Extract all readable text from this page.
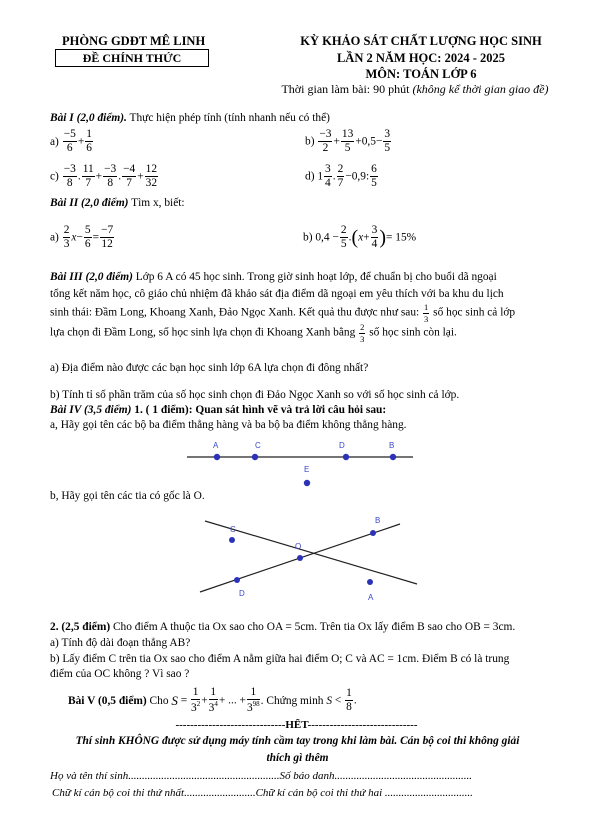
PHÒNG GDĐT MÊ LINH
ĐỀ CHÍNH THỨC
KỲ KHẢO SÁT CHẤT LƯỢNG HỌC SINH
LẦN 2 NĂM HỌC: 2024 - 2025
MÔN: TOÁN LỚP 6
Thời gian làm bài: 90 phút (không kể thời gian giao đề)
Bài I (2,0 điểm). Thực hiện phép tính (tính nhanh nếu có thể)
$a) \frac{-5}{6} + \frac{1}{6}$	$b) \frac{-3}{2} + \frac{13}{5} +0,5- \frac{3}{5}$
$c) \frac{-3}{8}$ . $\frac{11}{7} + \frac{-3}{8}$ . $\frac{-4}{7} + \frac{12}{32}$	d) $1 \frac{3}{4}$ . $\frac{2}{7} -0,9$: $\frac{6}{5}$
Bài II (2,0 điểm) Tìm x, biết:
$a) \frac{2}{3} x- \frac{5}{6} = \frac{-7}{12}$	b) $0,4 - \frac{2}{5} .(x+ \frac{3}{4}$ )= 15%
Bài III (2,0 điểm) Lớp 6 A có 45 học sinh. Trong giờ sinh hoạt lớp, để chuẩn bị cho buổi dã ngoại
tổng kết năm học, cô giáo chủ nhiệm đã khảo sát địa điểm dã ngoại em yêu thích với ba khu du lịch
sinh thái: Đầm Long, Khoang Xanh, Đảo Ngọc Xanh. Kết quả thu được như sau: $\frac{1}{3}$ số học sinh cả lớp
lựa chọn đi Đầm Long, số học sinh lựa chọn đi Khoang Xanh bằng $\frac{2}{3}$ số học sinh còn lại.
a) Địa điểm nào được các bạn học sinh lớp 6A lựa chọn đi đông nhất?
b) Tính tỉ số phần trăm của số học sinh chọn đi Đảo Ngọc Xanh so với số học sinh cả lớp.
Bài IV (3,5 điểm) 1. ( 1 điểm): Quan sát hình vẽ và trả lời câu hỏi sau:
a, Hãy gọi tên các bộ ba điểm thẳng hàng và ba bộ ba điểm không thẳng hàng.
A	C	D	B
E
b, Hãy gọi tên các tia có gốc là O.
C
B
O
D	A
2. (2,5 điểm) Cho điểm A thuộc tia Ox sao cho OA = 5cm. Trên tia Ox lấy điểm B sao cho OB = 3cm.
a) Tính độ dài đoạn thẳng AB?
b) Lấy điểm C trên tia Ox sao cho điểm A nằm giữa hai điểm O; C và AC = 1cm. Điểm B có là trung
điểm của OC không ? Vì sao ?
Bài V (0,5 điểm) Cho $S = \frac{1}{3^2} + \frac{1}{3^4}$ + ... + $\frac{1}{3^{98}}$ . Chứng minh $S < \frac{1}{8}$ .
------------------------------HẾT------------------------------
Thí sinh KHÔNG được sử dụng máy tính cầm tay trong khi làm bài. Cán bộ coi thi không giải
thích gì thêm
Họ và tên thí sinh.......................................................Số báo danh..................................................
Chữ kí cán bộ coi thi thứ nhất..........................Chữ kí cán bộ coi thi thứ hai ................................
